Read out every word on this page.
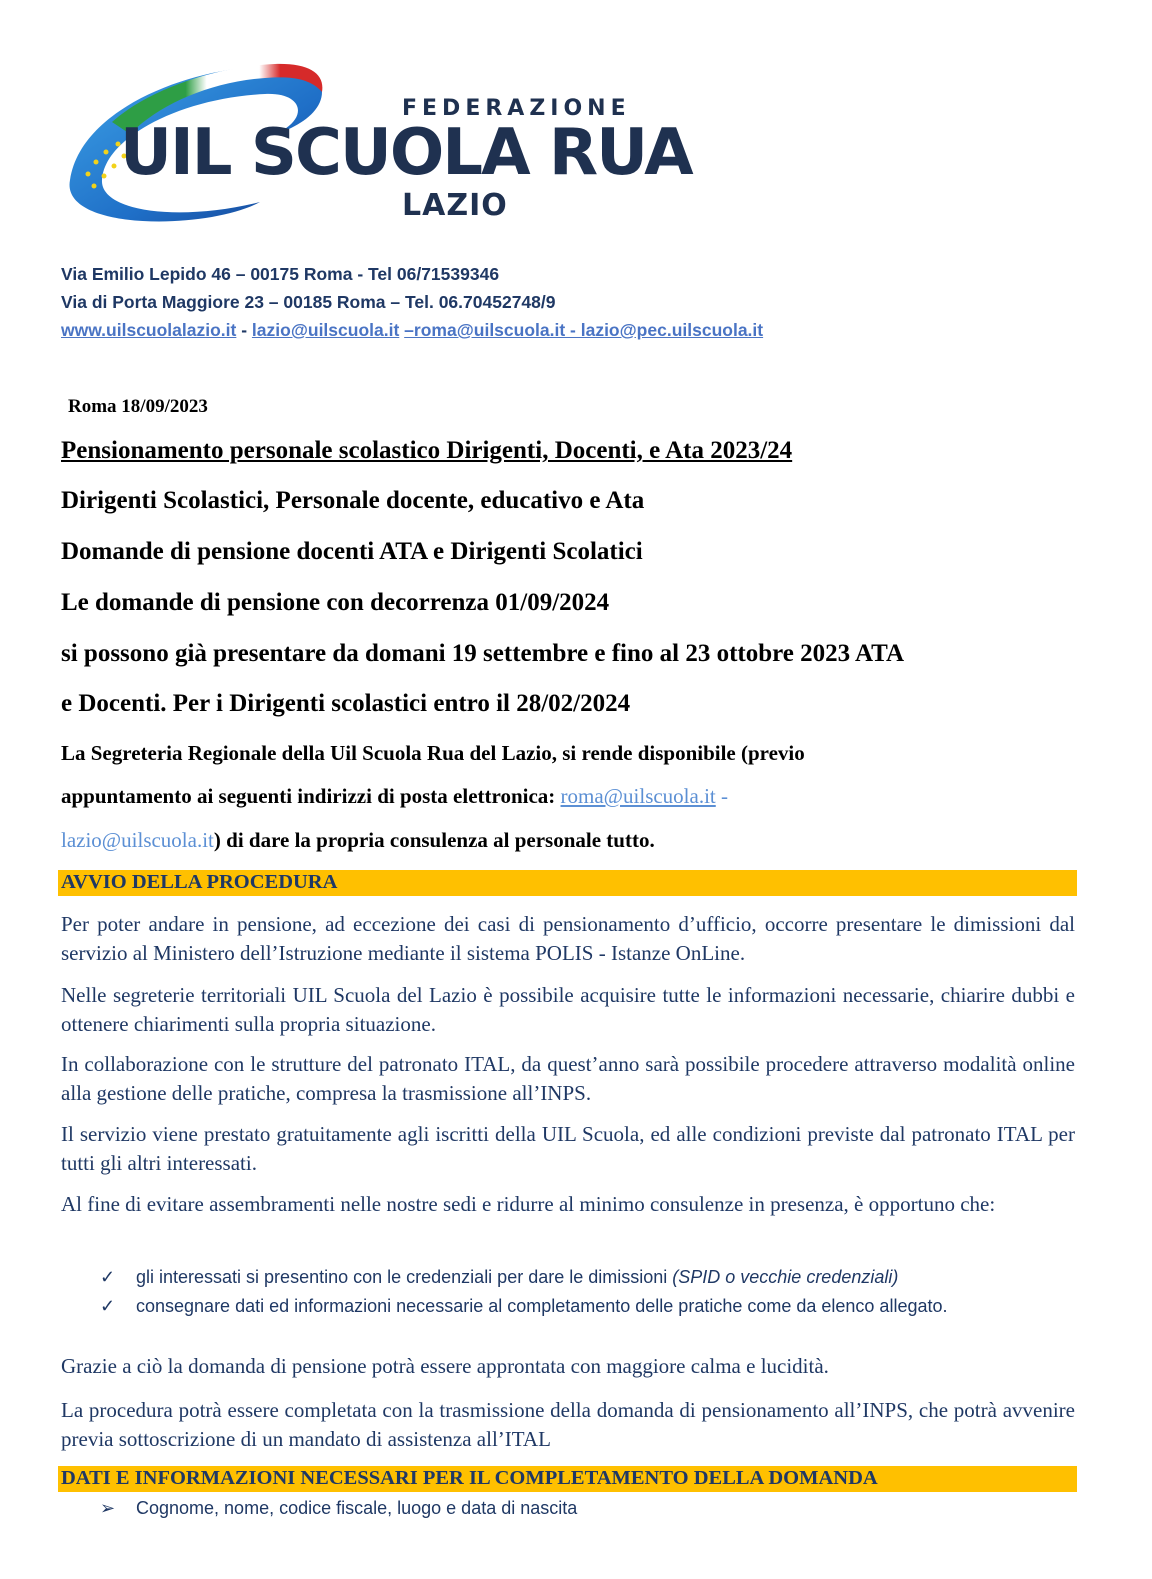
FEDERAZIONE
UIL SCUOLA RUA
LAZIO
Via Emilio Lepido 46 – 00175 Roma - Tel 06/71539346
Via di Porta Maggiore 23 – 00185 Roma – Tel. 06.70452748/9
www.uilscuolalazio.it - lazio@uilscuola.it –roma@uilscuola.it - lazio@pec.uilscuola.it
Roma 18/09/2023
Pensionamento personale scolastico Dirigenti, Docenti, e Ata 2023/24
Dirigenti Scolastici, Personale docente, educativo e Ata
Domande di pensione docenti ATA e Dirigenti Scolatici
Le domande di pensione con decorrenza 01/09/2024
si possono già presentare da domani 19 settembre e fino al 23 ottobre 2023 ATA
e Docenti. Per i Dirigenti scolastici entro il 28/02/2024
La Segreteria Regionale della Uil Scuola Rua del Lazio, si rende disponibile (previo
appuntamento ai seguenti indirizzi di posta elettronica: roma@uilscuola.it -
lazio@uilscuola.it) di dare la propria consulenza al personale tutto.
AVVIO DELLA PROCEDURA
Per poter andare in pensione, ad eccezione dei casi di pensionamento d’ufficio, occorre presentare le dimissioni dal servizio al Ministero dell’Istruzione mediante il sistema POLIS - Istanze OnLine.
Nelle segreterie territoriali UIL Scuola del Lazio è possibile acquisire tutte le informazioni necessarie, chiarire dubbi e ottenere chiarimenti sulla propria situazione.
In collaborazione con le strutture del patronato ITAL, da quest’anno sarà possibile procedere attraverso modalità online alla gestione delle pratiche, compresa la trasmissione all’INPS.
Il servizio viene prestato gratuitamente agli iscritti della UIL Scuola, ed alle condizioni previste dal patronato ITAL per tutti gli altri interessati.
Al fine di evitare assembramenti nelle nostre sedi e ridurre al minimo consulenze in presenza, è opportuno che:
✓ gli interessati si presentino con le credenziali per dare le dimissioni (SPID o vecchie credenziali)
✓ consegnare dati ed informazioni necessarie al completamento delle pratiche come da elenco allegato.
Grazie a ciò la domanda di pensione potrà essere approntata con maggiore calma e lucidità.
La procedura potrà essere completata con la trasmissione della domanda di pensionamento all’INPS, che potrà avvenire previa sottoscrizione di un mandato di assistenza all’ITAL
DATI E INFORMAZIONI NECESSARI PER IL COMPLETAMENTO DELLA DOMANDA
➢ Cognome, nome, codice fiscale, luogo e data di nascita
